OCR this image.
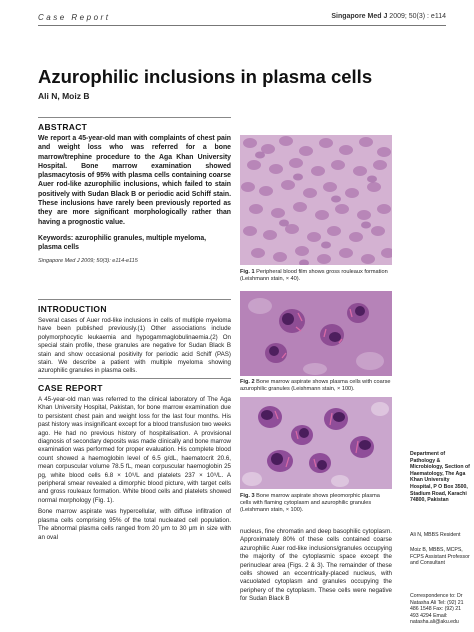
Case Report	Singapore Med J 2009; 50(3) : e114
Azurophilic inclusions in plasma cells
Ali N, Moiz B
ABSTRACT
We report a 45-year-old man with complaints of chest pain and weight loss who was referred for a bone marrow/trephine procedure to the Aga Khan University Hospital. Bone marrow examination showed plasmacytosis of 95% with plasma cells containing coarse Auer rod-like azurophilic inclusions, which failed to stain positively with Sudan Black B or periodic acid Schiff stain. These inclusions have rarely been previously reported as they are more significant morphologically rather than having a prognostic value.
Keywords: azurophilic granules, multiple myeloma, plasma cells
Singapore Med J 2009; 50(3): e114-e115
INTRODUCTION
Several cases of Auer rod-like inclusions in cells of multiple myeloma have been published previously.(1) Other associations include polymorphocytic leukaemia and hypogammaglobulinaemia.(2) On special stain profile, these granules are negative for Sudan Black B stain and show occasional positivity for periodic acid Schiff (PAS) stain. We describe a patient with multiple myeloma showing azurophilic granules in plasma cells.
CASE REPORT
A 45-year-old man was referred to the clinical laboratory of The Aga Khan University Hospital, Pakistan, for bone marrow examination due to persistent chest pain and weight loss for the last four months. His past history was insignificant except for a blood transfusion two weeks ago. He had no previous history of hospitalisation. A provisional diagnosis of secondary deposits was made clinically and bone marrow examination was performed for proper evaluation. His complete blood count showed a haemoglobin level of 6.5 g/dL, haematocrit 20.6, mean corpuscular volume 78.5 fL, mean corpuscular haemoglobin 25 pg, white blood cells 6.8 × 10⁹/L and platelets 237 × 10⁹/L. A peripheral smear revealed a dimorphic blood picture, with target cells and gross rouleaux formation. White blood cells and platelets showed normal morphology (Fig. 1).
Bone marrow aspirate was hypercellular, with diffuse infiltration of plasma cells comprising 95% of the total nucleated cell population. The abnormal plasma cells ranged from 20 μm to 30 μm in size with an oval
Fig. 1 Peripheral blood film shows gross rouleaux formation (Leishmann stain, × 40).
Fig. 2 Bone marrow aspirate shows plasma cells with coarse azurophilic granules (Leishmann stain, × 100).
Fig. 3 Bone marrow aspirate shows pleomorphic plasma cells with flaming cytoplasm and azurophilic granules (Leishmann stain, × 100).
nucleus, fine chromatin and deep basophilic cytoplasm. Approximately 80% of these cells contained coarse azurophilic Auer rod-like inclusions/granules occupying the majority of the cytoplasmic space except the perinuclear area (Figs. 2 & 3). The remainder of these cells showed an eccentrically-placed nucleus, with vacuolated cytoplasm and granules occupying the periphery of the cytoplasm. These cells were negative for Sudan Black B
Department of Pathology & Microbiology, Section of Haematology, The Aga Khan University Hospital, P O Box 3500, Stadium Road, Karachi 74800, Pakistan
Ali N, MBBS Resident
Moiz B, MBBS, MCPS, FCPS Assistant Professor and Consultant
Correspondence to: Dr Natasha Ali Tel: (92) 21 486 1548 Fax: (92) 21 493 4294 Email: natasha.ali@aku.edu
